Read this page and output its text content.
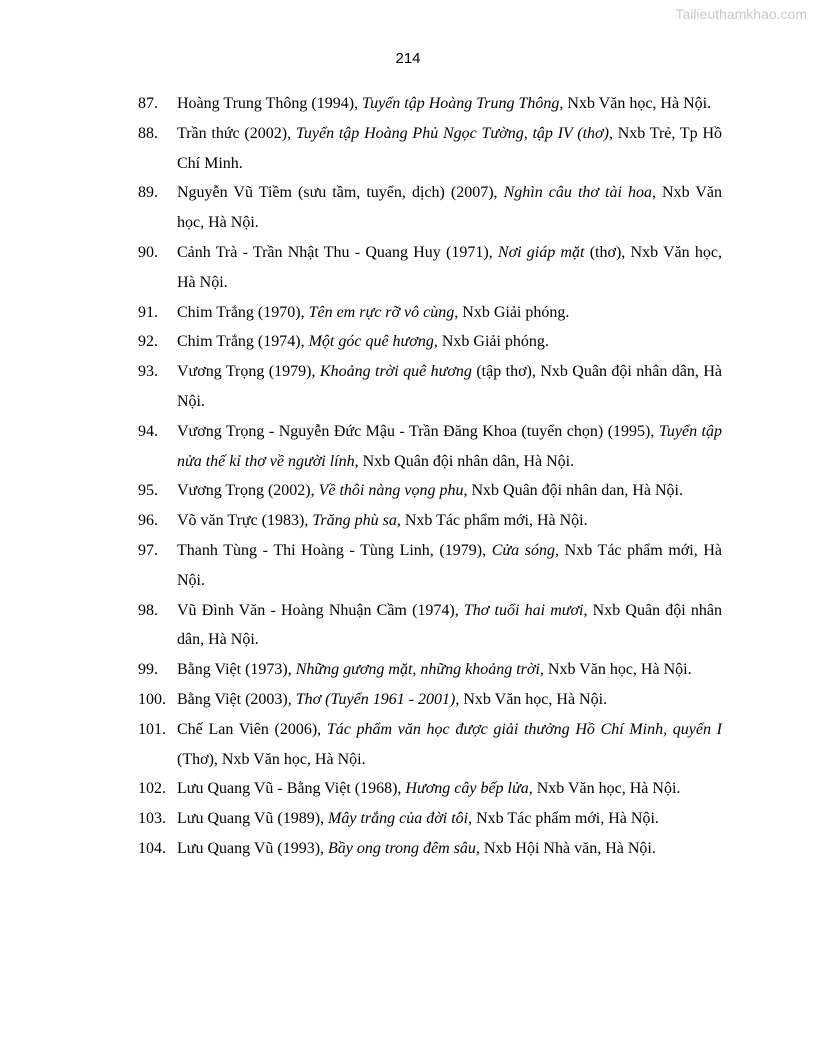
Tailieuthamkhao.com
214
87. Hoàng Trung Thông (1994), Tuyển tập Hoàng Trung Thông, Nxb Văn học, Hà Nội.
88. Trần thức (2002), Tuyển tập Hoàng Phủ Ngọc Tường, tập IV (thơ), Nxb Trẻ, Tp Hồ Chí Minh.
89. Nguyễn Vũ Tiềm (sưu tầm, tuyển, dịch) (2007), Nghìn câu thơ tài hoa, Nxb Văn học, Hà Nội.
90. Cảnh Trà - Trần Nhật Thu - Quang Huy (1971), Nơi giáp mặt (thơ), Nxb Văn học, Hà Nội.
91. Chim Trắng (1970), Tên em rực rỡ vô cùng, Nxb Giải phóng.
92. Chim Trắng (1974), Một góc quê hương, Nxb Giải phóng.
93. Vương Trọng (1979), Khoảng trời quê hương (tập thơ), Nxb Quân đội nhân dân, Hà Nội.
94. Vương Trọng - Nguyễn Đức Mậu - Trần Đăng Khoa (tuyển chọn) (1995), Tuyển tập nửa thế kỉ thơ về người lính, Nxb Quân đội nhân dân, Hà Nội.
95. Vương Trọng (2002), Về thôi nàng vọng phu, Nxb Quân đội nhân dan, Hà Nội.
96. Võ văn Trực (1983), Trăng phù sa, Nxb Tác phẩm mới, Hà Nội.
97. Thanh Tùng - Thi Hoàng - Tùng Linh, (1979), Cửa sóng, Nxb Tác phẩm mới, Hà Nội.
98. Vũ Đình Văn - Hoàng Nhuận Cầm (1974), Thơ tuổi hai mươi, Nxb Quân đội nhân dân, Hà Nội.
99. Bằng Việt (1973), Những gương mặt, những khoảng trời, Nxb Văn học, Hà Nội.
100. Bằng Việt (2003), Thơ (Tuyển 1961 - 2001), Nxb Văn học, Hà Nội.
101. Chế Lan Viên (2006), Tác phẩm văn học được giải thưởng Hồ Chí Minh, quyển I (Thơ), Nxb Văn học, Hà Nội.
102. Lưu Quang Vũ - Bằng Việt (1968), Hương cây bếp lửa, Nxb Văn học, Hà Nội.
103. Lưu Quang Vũ (1989), Mây trắng của đời tôi, Nxb Tác phẩm mới, Hà Nội.
104. Lưu Quang Vũ (1993), Bầy ong trong đêm sâu, Nxb Hội Nhà văn, Hà Nội.
